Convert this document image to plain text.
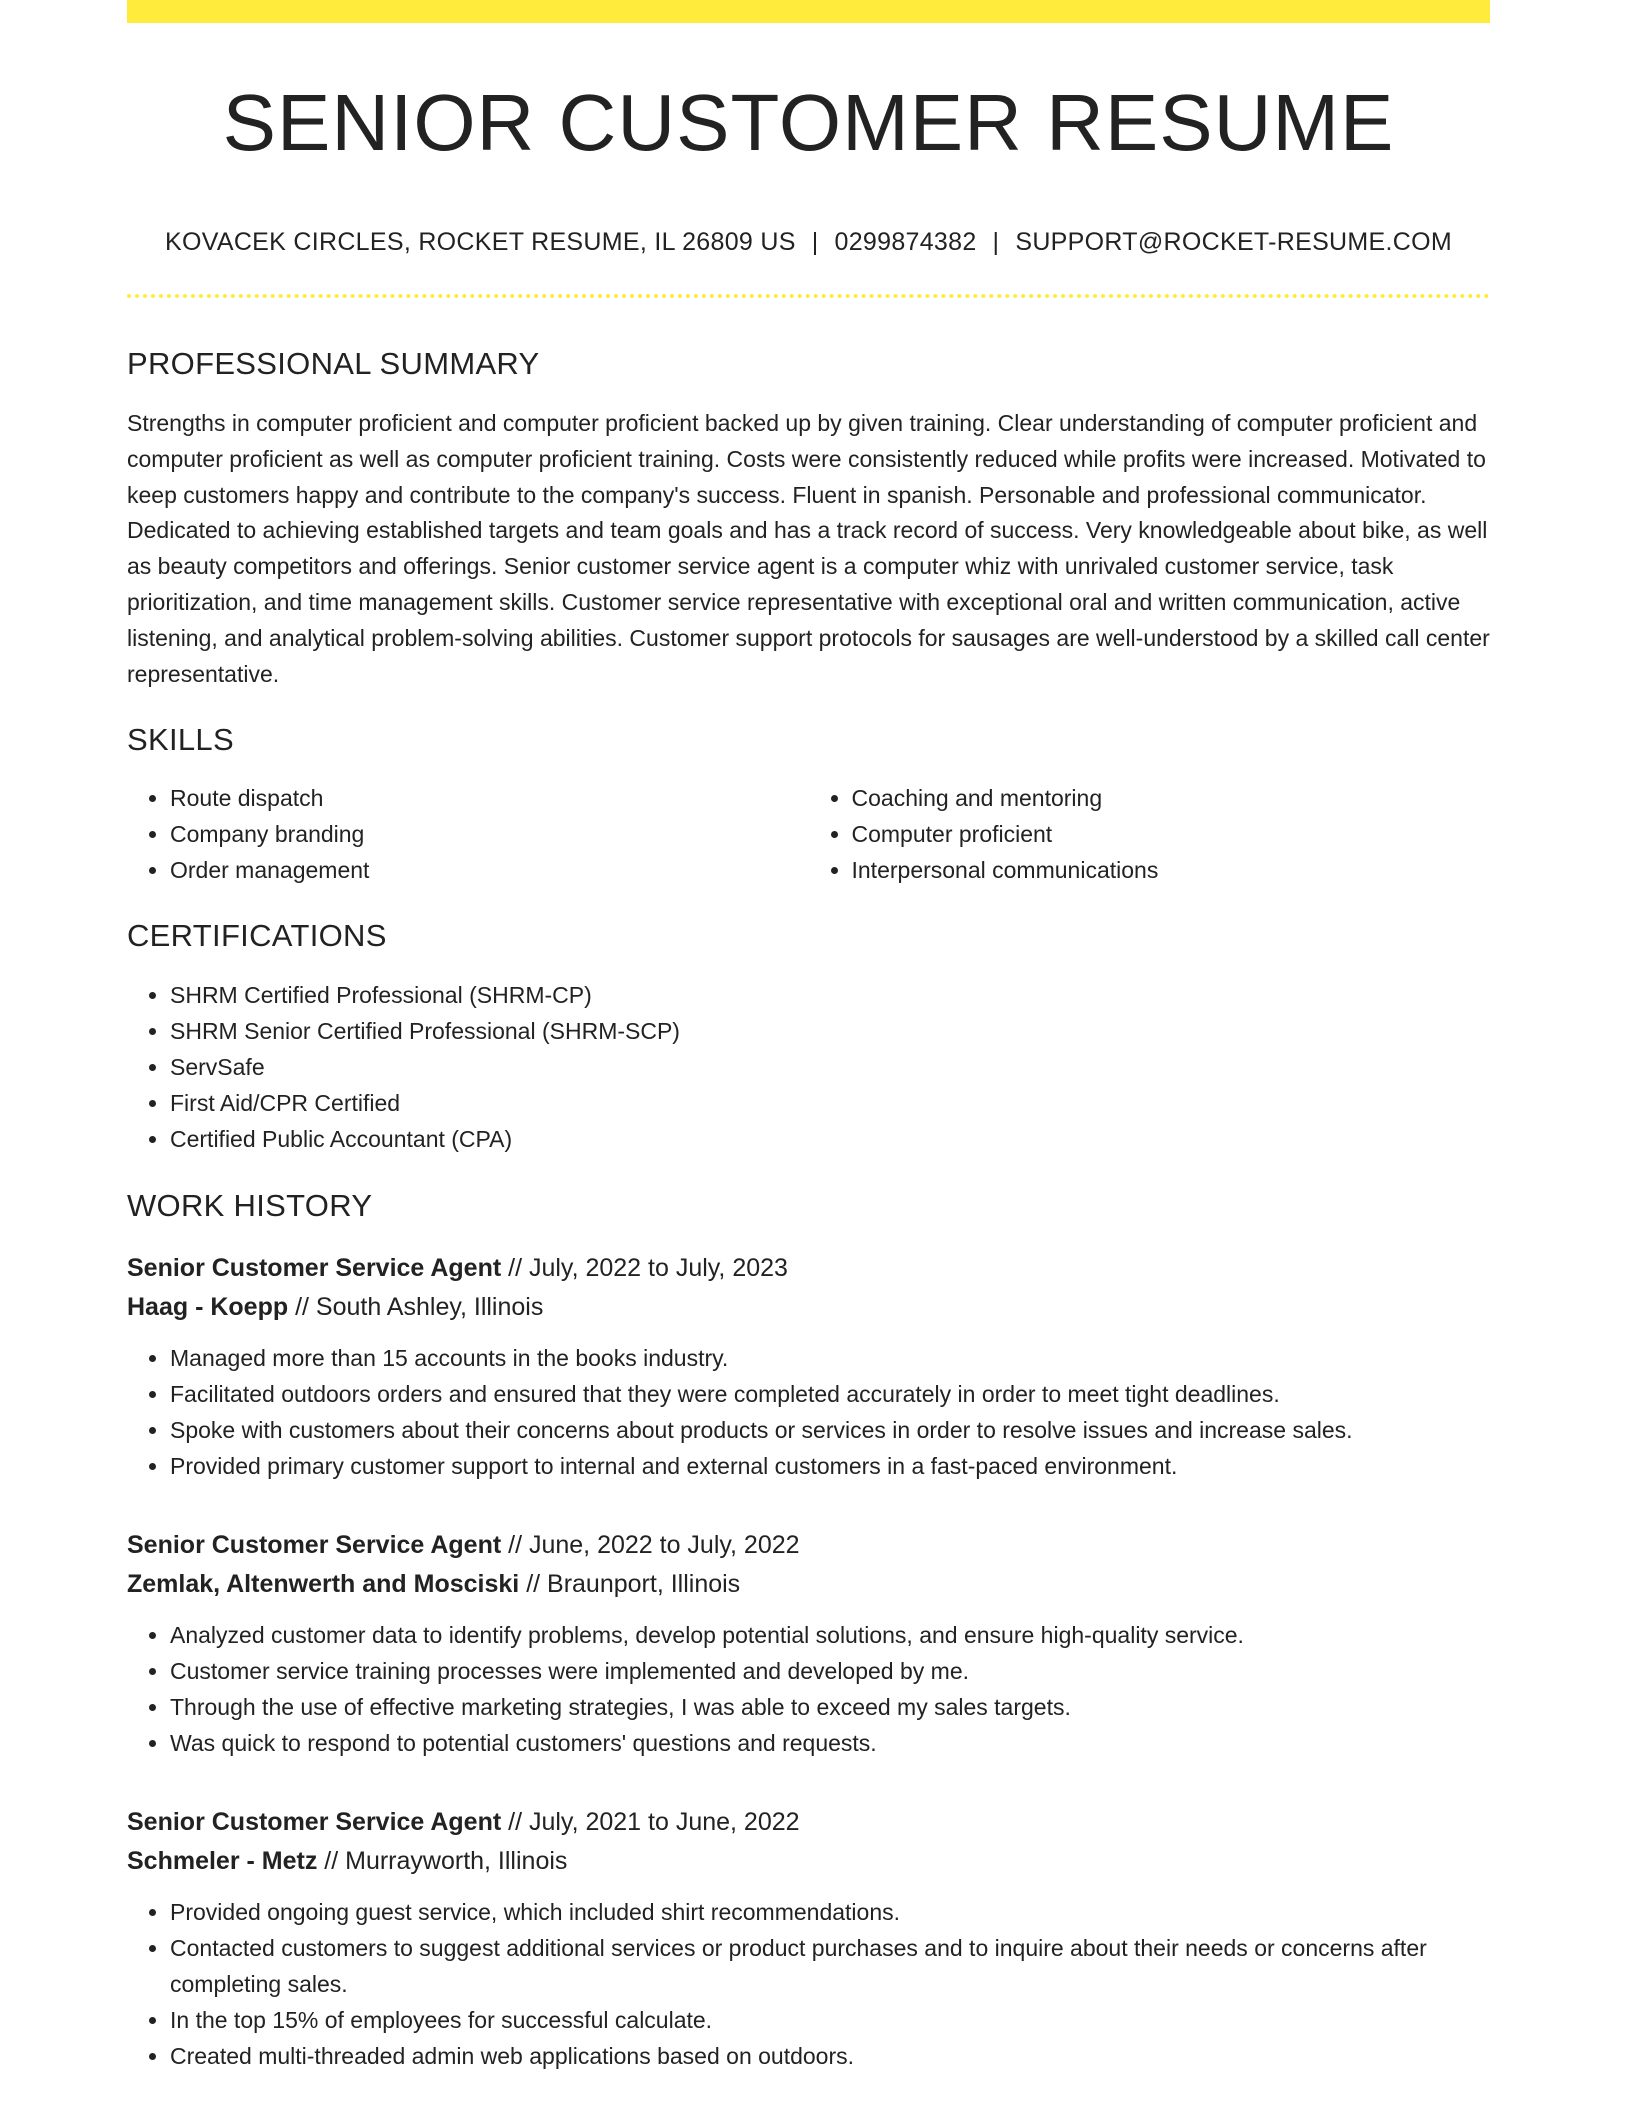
SENIOR CUSTOMER RESUME
KOVACEK CIRCLES, ROCKET RESUME, IL 26809 US | 0299874382 | SUPPORT@ROCKET-RESUME.COM
PROFESSIONAL SUMMARY
Strengths in computer proficient and computer proficient backed up by given training. Clear understanding of computer proficient and computer proficient as well as computer proficient training. Costs were consistently reduced while profits were increased. Motivated to keep customers happy and contribute to the company's success. Fluent in spanish. Personable and professional communicator. Dedicated to achieving established targets and team goals and has a track record of success. Very knowledgeable about bike, as well as beauty competitors and offerings. Senior customer service agent is a computer whiz with unrivaled customer service, task prioritization, and time management skills. Customer service representative with exceptional oral and written communication, active listening, and analytical problem-solving abilities. Customer support protocols for sausages are well-understood by a skilled call center representative.
SKILLS
• Route dispatch
• Company branding
• Order management
• Coaching and mentoring
• Computer proficient
• Interpersonal communications
CERTIFICATIONS
• SHRM Certified Professional (SHRM-CP)
• SHRM Senior Certified Professional (SHRM-SCP)
• ServSafe
• First Aid/CPR Certified
• Certified Public Accountant (CPA)
WORK HISTORY
Senior Customer Service Agent // July, 2022 to July, 2023
Haag - Koepp // South Ashley, Illinois
• Managed more than 15 accounts in the books industry.
• Facilitated outdoors orders and ensured that they were completed accurately in order to meet tight deadlines.
• Spoke with customers about their concerns about products or services in order to resolve issues and increase sales.
• Provided primary customer support to internal and external customers in a fast-paced environment.
Senior Customer Service Agent // June, 2022 to July, 2022
Zemlak, Altenwerth and Mosciski // Braunport, Illinois
• Analyzed customer data to identify problems, develop potential solutions, and ensure high-quality service.
• Customer service training processes were implemented and developed by me.
• Through the use of effective marketing strategies, I was able to exceed my sales targets.
• Was quick to respond to potential customers' questions and requests.
Senior Customer Service Agent // July, 2021 to June, 2022
Schmeler - Metz // Murrayworth, Illinois
• Provided ongoing guest service, which included shirt recommendations.
• Contacted customers to suggest additional services or product purchases and to inquire about their needs or concerns after completing sales.
• In the top 15% of employees for successful calculate.
• Created multi-threaded admin web applications based on outdoors.
